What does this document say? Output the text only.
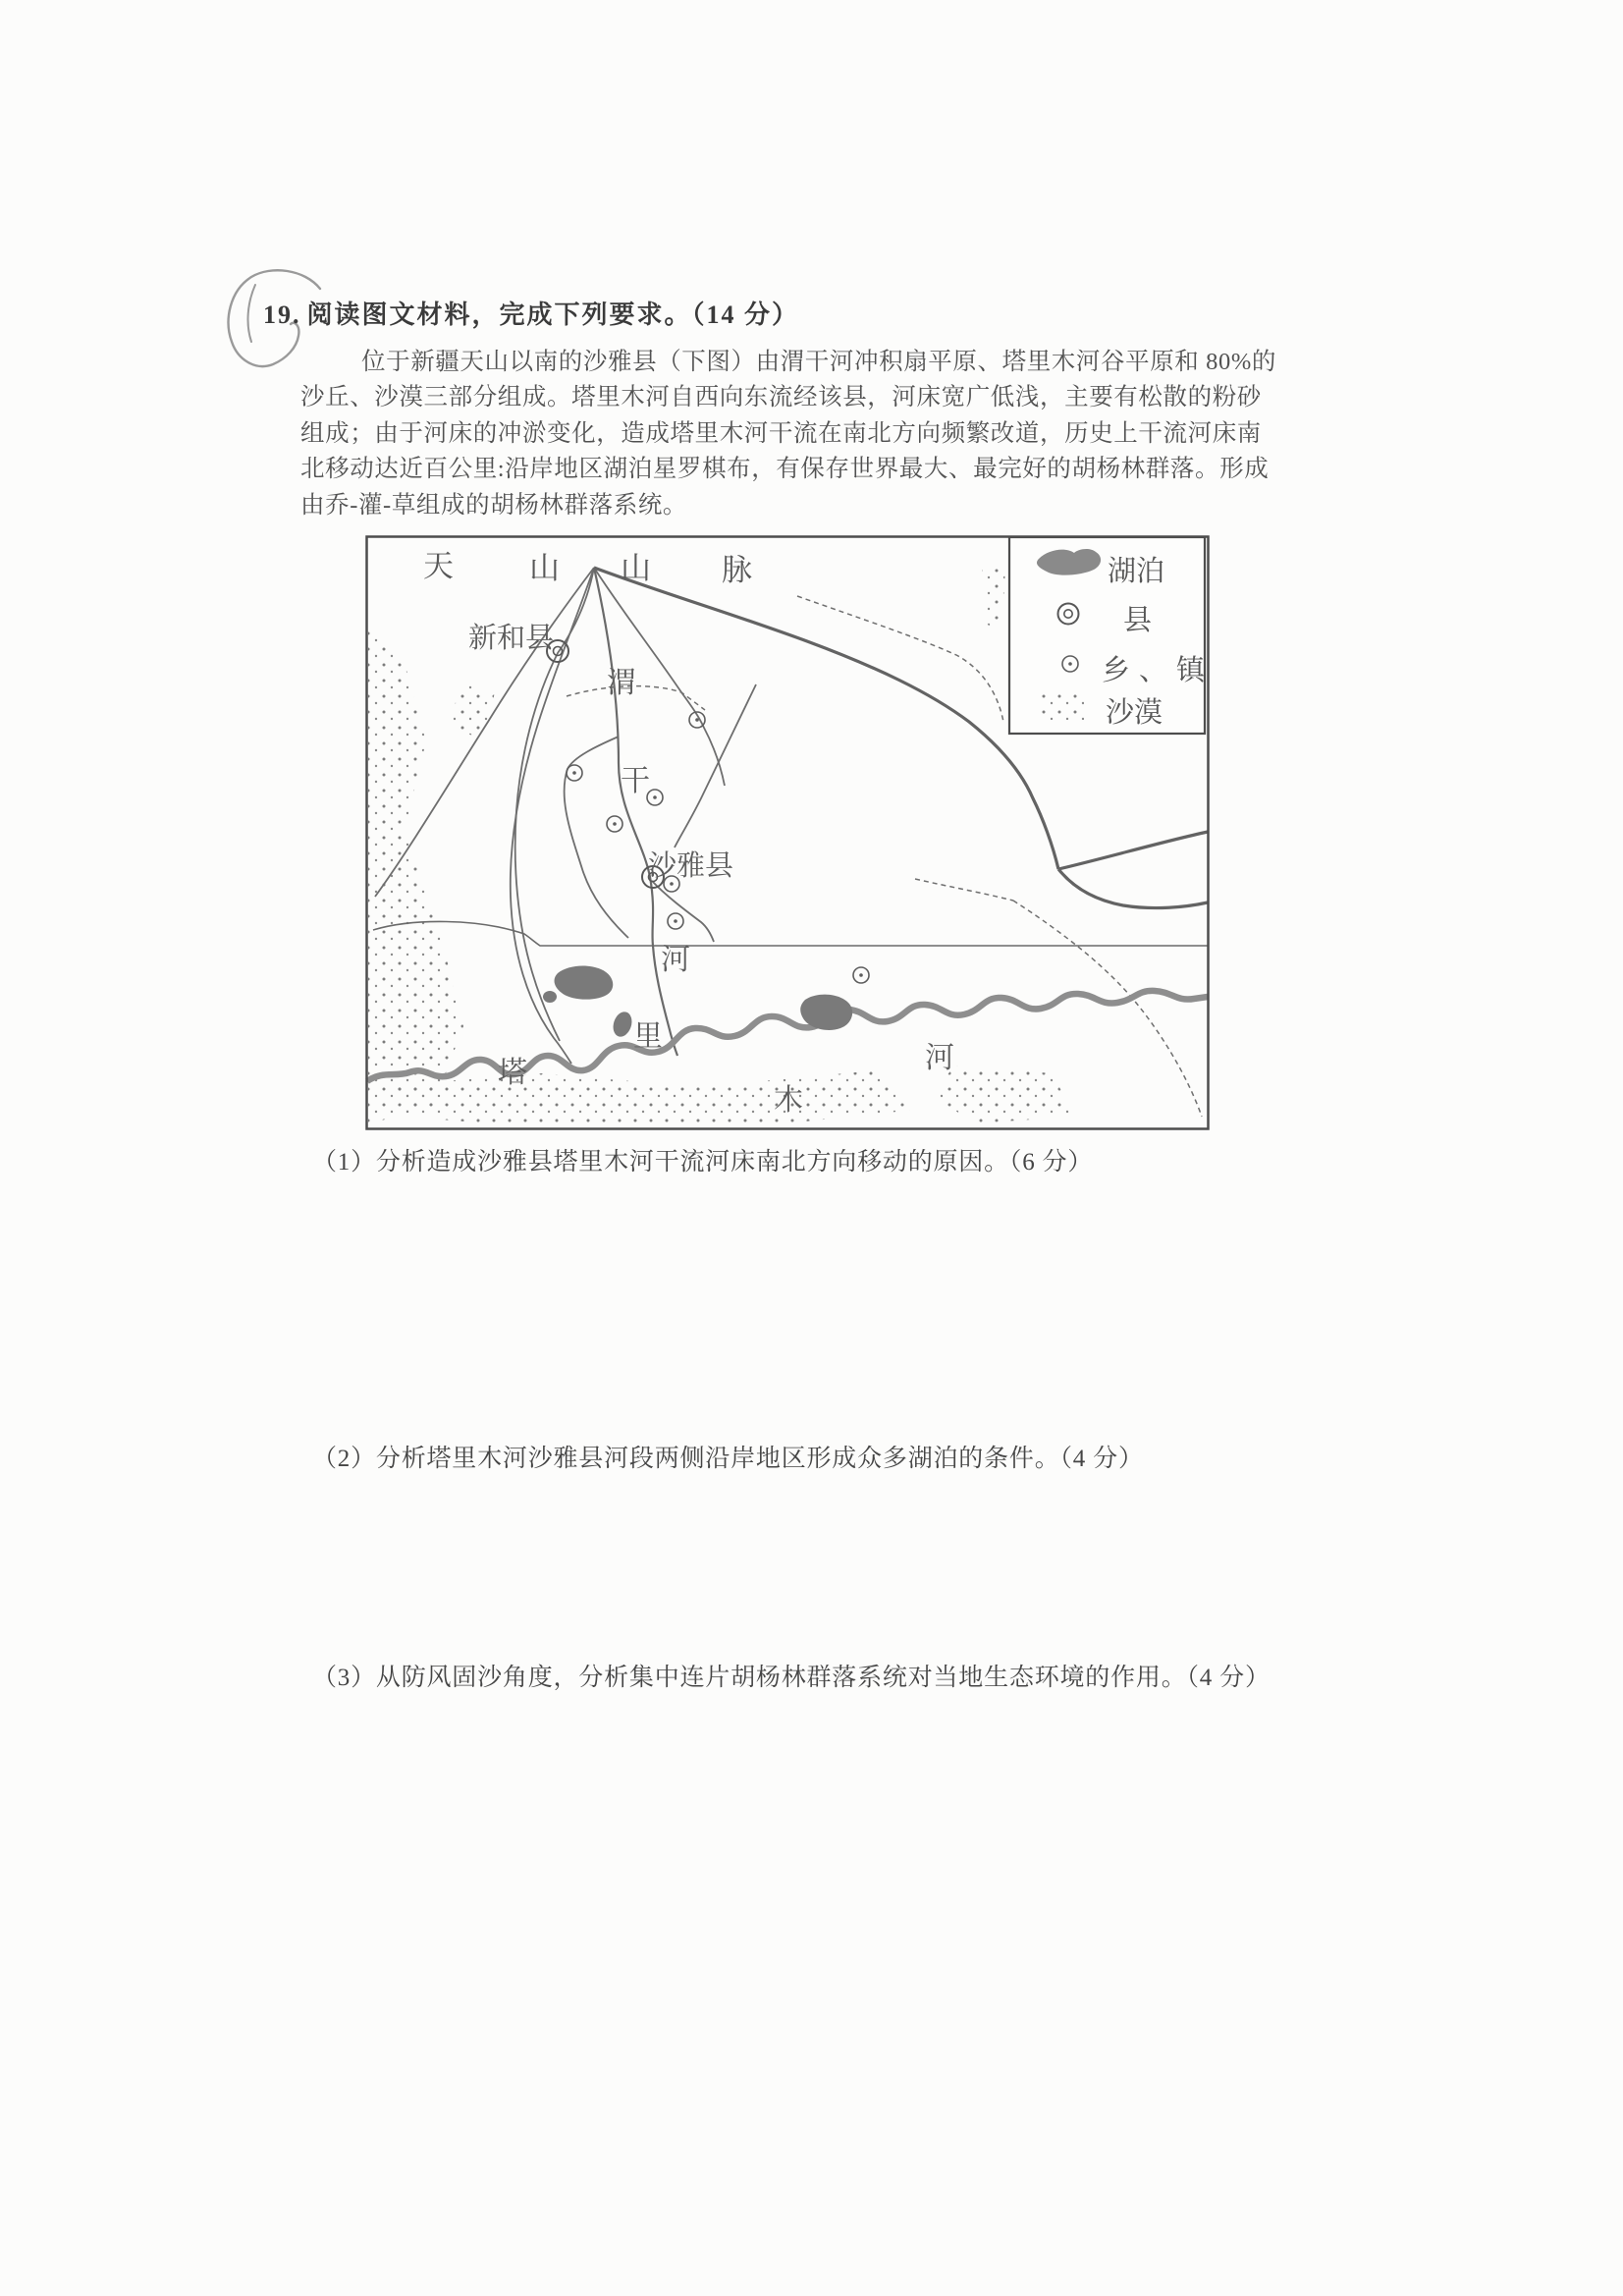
19. 阅读图文材料，完成下列要求。（14 分）
位于新疆天山以南的沙雅县（下图）由渭干河冲积扇平原、塔里木河谷平原和 80%的
沙丘、沙漠三部分组成。塔里木河自西向东流经该县，河床宽广低浅，主要有松散的粉砂
组成；由于河床的冲淤变化，造成塔里木河干流在南北方向频繁改道，历史上干流河床南
北移动达近百公里:沿岸地区湖泊星罗棋布，有保存世界最大、最完好的胡杨林群落。形成
由乔-灌-草组成的胡杨林群落系统。
天 山 山 脉
新和县
沙雅县
渭
干
河
塔
里
木
河
湖泊
县
乡、镇
沙漠
（1）分析造成沙雅县塔里木河干流河床南北方向移动的原因。（6 分）
（2）分析塔里木河沙雅县河段两侧沿岸地区形成众多湖泊的条件。（4 分）
（3）从防风固沙角度，分析集中连片胡杨林群落系统对当地生态环境的作用。（4 分）
